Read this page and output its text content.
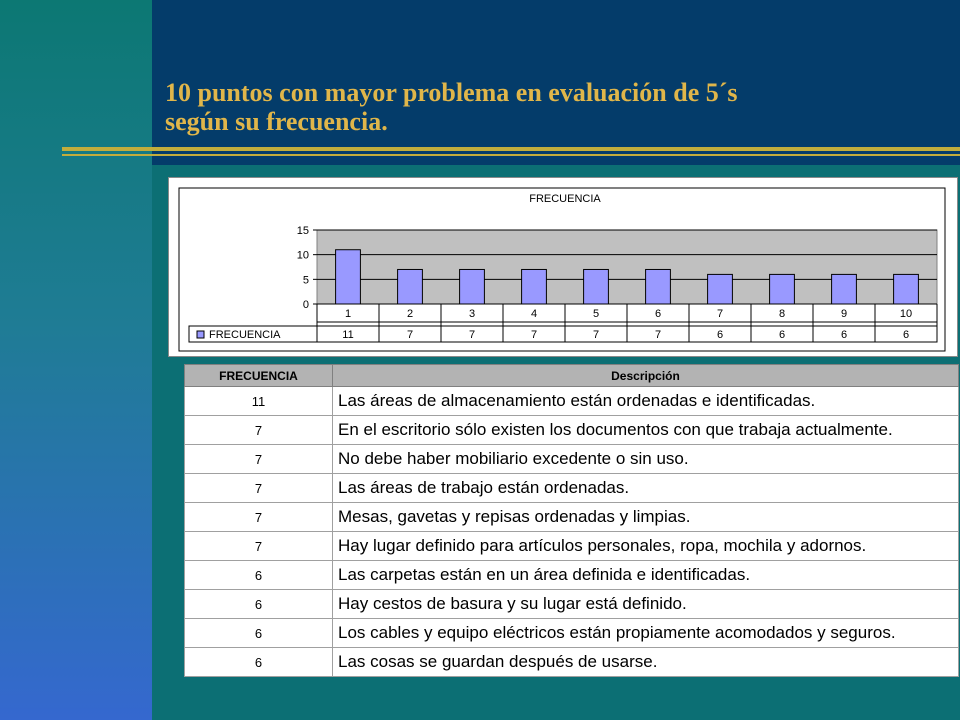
10 puntos con mayor problema en evaluación de 5´s
según su frecuencia.
FRECUENCIA
0
5
10
15
1
11
2
7
3
7
4
7
5
7
6
7
7
6
8
6
9
6
10
6
FRECUENCIA
FRECUENCIA	Descripción
11	Las áreas de almacenamiento están ordenadas e identificadas.
7	En el escritorio sólo existen los documentos con que trabaja actualmente.
7	No debe haber mobiliario excedente o sin uso.
7	Las áreas de trabajo están ordenadas.
7	Mesas, gavetas y repisas ordenadas y limpias.
7	Hay lugar definido para artículos personales, ropa, mochila y adornos.
6	Las carpetas están en un área definida e identificadas.
6	Hay cestos de basura y su lugar está definido.
6	Los cables y equipo eléctricos están propiamente acomodados y seguros.
6	Las cosas se guardan después de usarse.
